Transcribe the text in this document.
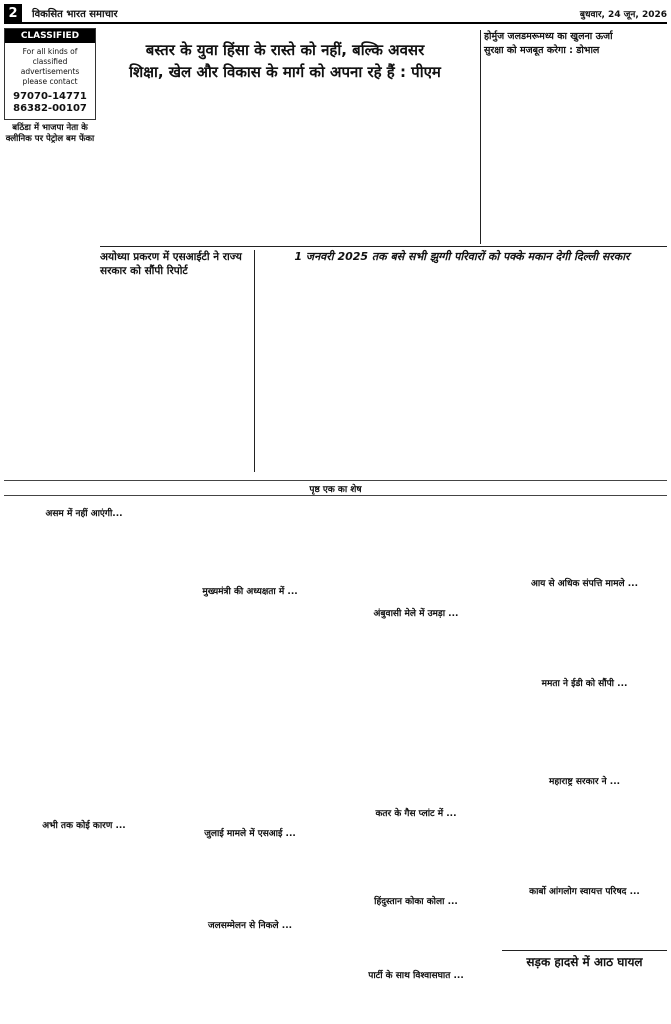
2	विकसित भारत समाचार	बुधवार, 24 जून, 2026
CLASSIFIED
For all kinds of classified advertisements please contact
97070-14771
86382-00107
बठिंडा में भाजपा नेता के क्लीनिक पर पेट्रोल बम फेंका
बस्तर के युवा हिंसा के रास्ते को नहीं, बल्कि अवसर
शिक्षा, खेल और विकास के मार्ग को अपना रहे हैं : पीएम
होर्मुज जलडमरूमध्य का खुलना ऊर्जा
सुरक्षा को मजबूत करेगा : डोभाल
अयोध्या प्रकरण में एसआईटी ने राज्य सरकार को सौंपी रिपोर्ट
1 जनवरी 2025 तक बसे सभी झुग्गी परिवारों को पक्के मकान देगी दिल्ली सरकार
पृष्ठ एक का शेष
असम में नहीं आएंगी...
अभी तक कोई कारण ...
मुख्यमंत्री की अध्यक्षता में ...
जुलाई मामले में एसआई ...
जलसम्मेलन से निकले ...
अंबुवासी मेले में उमड़ा ...
कतर के गैस प्लांट में ...
हिंदुस्तान कोका कोला ...
पार्टी के साथ विश्वासघात ...
आय से अधिक संपत्ति मामले ...
ममता ने ईडी को सौंपी ...
महाराष्ट्र सरकार ने ...
कार्बो आंगलोग स्वायत्त परिषद ...
सड़क हादसे में आठ घायल
